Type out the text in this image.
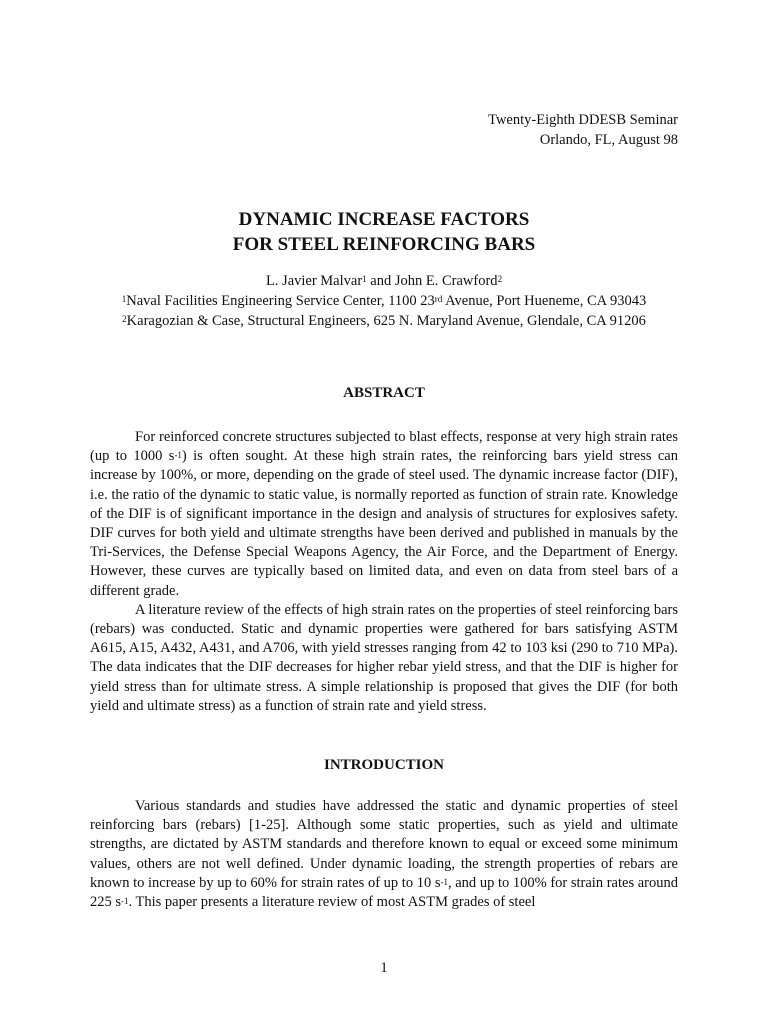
Twenty-Eighth DDESB Seminar
Orlando, FL, August 98
DYNAMIC INCREASE FACTORS
FOR STEEL REINFORCING BARS
L. Javier Malvar$^1$ and John E. Crawford$^2$
$^1$Naval Facilities Engineering Service Center, 1100 23rd Avenue, Port Hueneme, CA 93043
$^2$Karagozian & Case, Structural Engineers, 625 N. Maryland Avenue, Glendale, CA 91206
ABSTRACT

For reinforced concrete structures subjected to blast effects, response at very high strain rates (up to 1000 $s^{-1}$) is often sought. At these high strain rates, the reinforcing bars yield stress can increase by 100%, or more, depending on the grade of steel used. The dynamic increase factor (DIF), i.e. the ratio of the dynamic to static value, is normally reported as function of strain rate. Knowledge of the DIF is of significant importance in the design and analysis of structures for explosives safety. DIF curves for both yield and ultimate strengths have been derived and published in manuals by the Tri-Services, the Defense Special Weapons Agency, the Air Force, and the Department of Energy. However, these curves are typically based on limited data, and even on data from steel bars of a different grade.

A literature review of the effects of high strain rates on the properties of steel reinforcing bars (rebars) was conducted. Static and dynamic properties were gathered for bars satisfying ASTM A615, A15, A432, A431, and A706, with yield stresses ranging from 42 to 103 ksi (290 to 710 MPa). The data indicates that the DIF decreases for higher rebar yield stress, and that the DIF is higher for yield stress than for ultimate stress. A simple relationship is proposed that gives the DIF (for both yield and ultimate stress) as a function of strain rate and yield stress.

INTRODUCTION

Various standards and studies have addressed the static and dynamic properties of steel reinforcing bars (rebars) [1-25]. Although some static properties, such as yield and ultimate strengths, are dictated by ASTM standards and therefore known to equal or exceed some minimum values, others are not well defined. Under dynamic loading, the strength properties of rebars are known to increase by up to 60% for strain rates of up to 10 $s^{-1}$, and up to 100% for strain rates around 225 $s^{-1}$. This paper presents a literature review of most ASTM grades of steel

1
